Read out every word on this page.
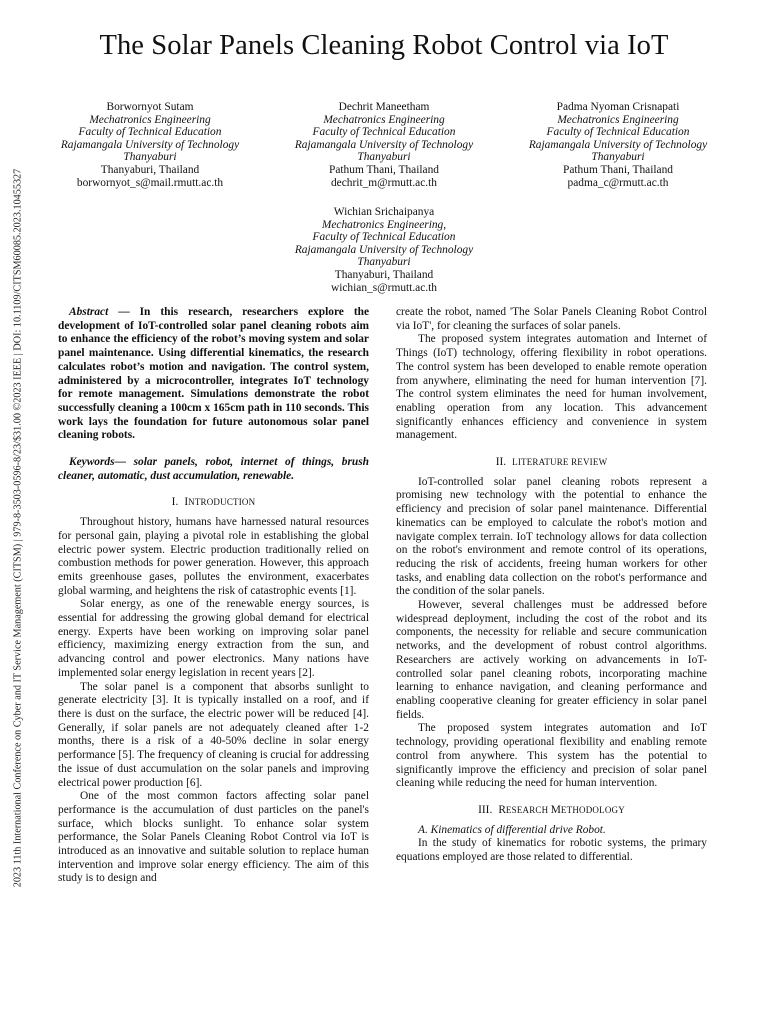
2023 11th International Conference on Cyber and IT Service Management (CITSM) | 979-8-3503-0596-8/23/$31.00 ©2023 IEEE | DOI: 10.1109/CITSM60085.2023.10455327
The Solar Panels Cleaning Robot Control via IoT
Borwornyot Sutam
Mechatronics Engineering
Faculty of Technical Education
Rajamangala University of Technology
Thanyaburi
Thanyaburi, Thailand
borwornyot_s@mail.rmutt.ac.th
Dechrit Maneetham
Mechatronics Engineering
Faculty of Technical Education
Rajamangala University of Technology
Thanyaburi
Pathum Thani, Thailand
dechrit_m@rmutt.ac.th
Padma Nyoman Crisnapati
Mechatronics Engineering
Faculty of Technical Education
Rajamangala University of Technology
Thanyaburi
Pathum Thani, Thailand
padma_c@rmutt.ac.th
Wichian Srichaipanya
Mechatronics Engineering,
Faculty of Technical Education
Rajamangala University of Technology
Thanyaburi
Thanyaburi, Thailand
wichian_s@rmutt.ac.th

Abstract — In this research, researchers explore the development of IoT-controlled solar panel cleaning robots aim to enhance the efficiency of the robot’s moving system and solar panel maintenance. Using differential kinematics, the research calculates robot’s motion and navigation. The control system, administered by a microcontroller, integrates IoT technology for remote management. Simulations demonstrate the robot successfully cleaning a 100cm x 165cm path in 110 seconds. This work lays the foundation for future autonomous solar panel cleaning robots.

Keywords— solar panels, robot, internet of things, brush cleaner, automatic, dust accumulation, renewable.

I. INTRODUCTION

Throughout history, humans have harnessed natural resources for personal gain, playing a pivotal role in establishing the global electric power system. Electric production traditionally relied on combustion methods for power generation. However, this approach emits greenhouse gases, pollutes the environment, exacerbates global warming, and heightens the risk of catastrophic events [1].

Solar energy, as one of the renewable energy sources, is essential for addressing the growing global demand for electrical energy. Experts have been working on improving solar panel efficiency, maximizing energy extraction from the sun, and advancing control and power electronics. Many nations have implemented solar energy legislation in recent years [2].

The solar panel is a component that absorbs sunlight to generate electricity [3]. It is typically installed on a roof, and if there is dust on the surface, the electric power will be reduced [4]. Generally, if solar panels are not adequately cleaned after 1-2 months, there is a risk of a 40-50% decline in solar energy performance [5]. The frequency of cleaning is crucial for addressing the issue of dust accumulation on the solar panels and improving electrical power production [6].

One of the most common factors affecting solar panel performance is the accumulation of dust particles on the panel's surface, which blocks sunlight. To enhance solar system performance, the Solar Panels Cleaning Robot Control via IoT is introduced as an innovative and suitable solution to replace human intervention and improve solar energy efficiency. The aim of this study is to design and

create the robot, named 'The Solar Panels Cleaning Robot Control via IoT', for cleaning the surfaces of solar panels.

The proposed system integrates automation and Internet of Things (IoT) technology, offering flexibility in robot operations. The control system has been developed to enable remote operation from anywhere, eliminating the need for human intervention [7]. The control system eliminates the need for human involvement, enabling operation from any location. This advancement significantly enhances efficiency and convenience in system management.

II. LITERATURE REVIEW

IoT-controlled solar panel cleaning robots represent a promising new technology with the potential to enhance the efficiency and precision of solar panel maintenance. Differential kinematics can be employed to calculate the robot's motion and navigate complex terrain. IoT technology allows for data collection on the robot's environment and remote control of its operations, reducing the risk of accidents, freeing human workers for other tasks, and enabling data collection on the robot's performance and the condition of the solar panels.

However, several challenges must be addressed before widespread deployment, including the cost of the robot and its components, the necessity for reliable and secure communication networks, and the development of robust control algorithms. Researchers are actively working on advancements in IoT-controlled solar panel cleaning robots, incorporating machine learning to enhance navigation, and cleaning performance and enabling cooperative cleaning for greater efficiency in solar panel fields.

The proposed system integrates automation and IoT technology, providing operational flexibility and enabling remote control from anywhere. This system has the potential to significantly improve the efficiency and precision of solar panel cleaning while reducing the need for human intervention.

III. RESEARCH METHODOLOGY

A. Kinematics of differential drive Robot.

In the study of kinematics for robotic systems, the primary equations employed are those related to differential.
